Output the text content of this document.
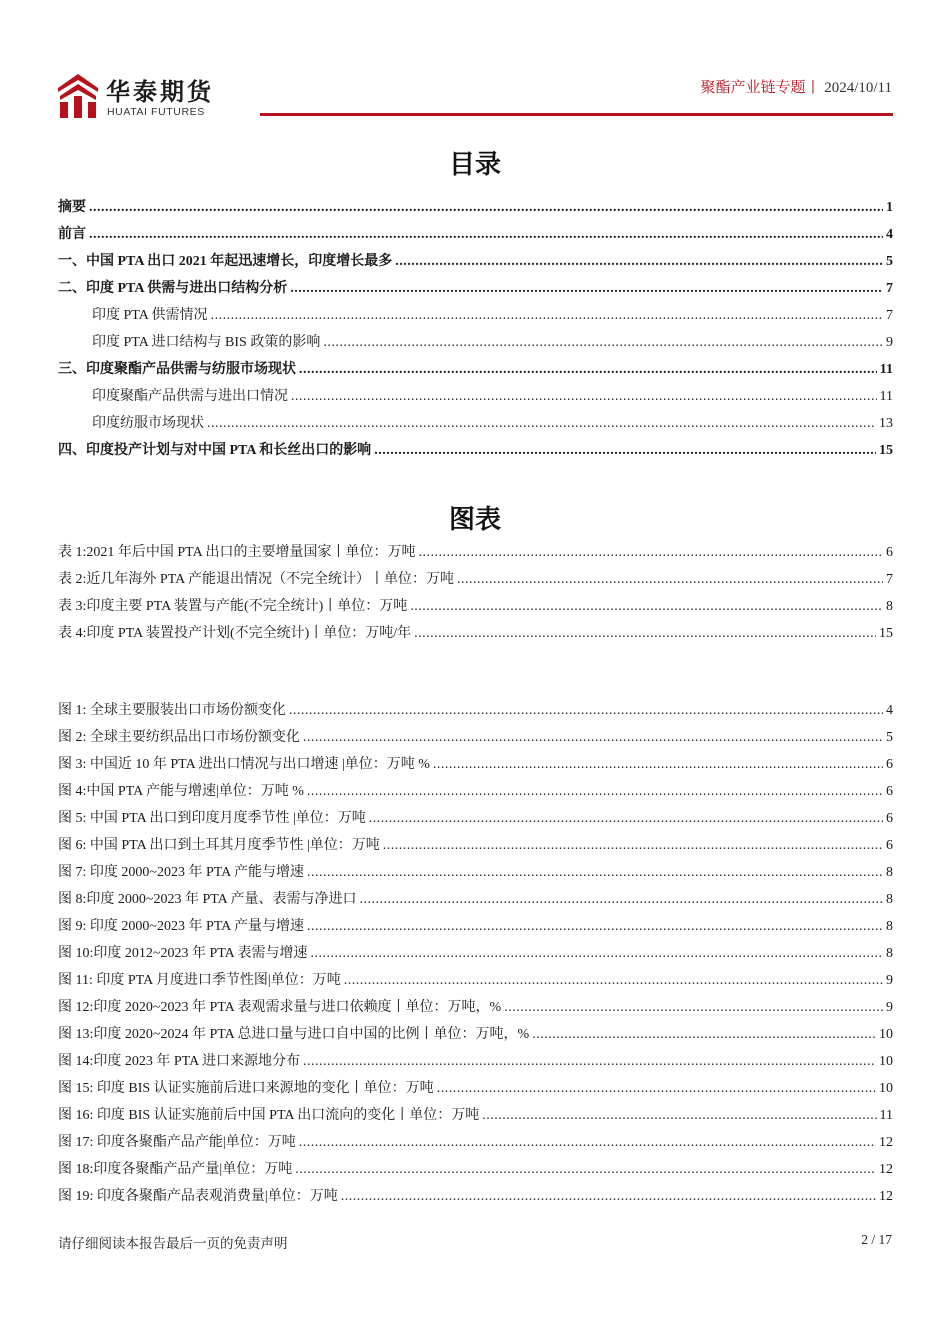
华泰期货
HUATAI FUTURES
聚酯产业链专题丨 2024/10/11
目录
摘要 .....	1
前言 .....	4
一、 中国 PTA 出口 2021 年起迅速增长，印度增长最多 .....	5
二、 印度 PTA 供需与进出口结构分析 .....	7
印度 PTA 供需情况 .....	7
印度 PTA 进口结构与 BIS 政策的影响 .....	9
三、 印度聚酯产品供需与纺服市场现状 .....	11
印度聚酯产品供需与进出口情况 .....	11
印度纺服市场现状 .....	13
四、 印度投产计划与对中国 PTA 和长丝出口的影响 .....	15
图表
表 1:2021 年后中国 PTA 出口的主要增量国家丨单位：万吨 .....	6
表 2:近几年海外 PTA 产能退出情况（不完全统计）丨单位：万吨 .....	7
表 3:印度主要 PTA 装置与产能(不完全统计)丨单位：万吨 .....	8
表 4:印度 PTA 装置投产计划(不完全统计)丨单位：万吨/年 .....	15
图 1: 全球主要服装出口市场份额变化 .....	4
图 2: 全球主要纺织品出口市场份额变化 .....	5
图 3: 中国近 10 年 PTA 进出口情况与出口增速 |单位：万吨 % .....	6
图 4:中国 PTA 产能与增速|单位：万吨 % .....	6
图 5: 中国 PTA 出口到印度月度季节性 |单位：万吨 .....	6
图 6: 中国 PTA 出口到土耳其月度季节性 |单位：万吨 .....	6
图 7: 印度 2000~2023 年 PTA 产能与增速 .....	8
图 8:印度 2000~2023 年 PTA 产量、表需与净进口 .....	8
图 9: 印度 2000~2023 年 PTA 产量与增速 .....	8
图 10:印度 2012~2023 年 PTA 表需与增速 .....	8
图 11: 印度 PTA 月度进口季节性图|单位：万吨 .....	9
图 12:印度 2020~2023 年 PTA 表观需求量与进口依赖度丨单位：万吨，% .....	9
图 13:印度 2020~2024 年 PTA 总进口量与进口自中国的比例丨单位：万吨，% .....	10
图 14:印度 2023 年 PTA 进口来源地分布 .....	10
图 15: 印度 BIS 认证实施前后进口来源地的变化丨单位：万吨 .....	10
图 16: 印度 BIS 认证实施前后中国 PTA 出口流向的变化丨单位：万吨 .....	11
图 17: 印度各聚酯产品产能|单位：万吨 .....	12
图 18:印度各聚酯产品产量|单位：万吨 .....	12
图 19: 印度各聚酯产品表观消费量|单位：万吨 .....	12
请仔细阅读本报告最后一页的免责声明	2 / 17
